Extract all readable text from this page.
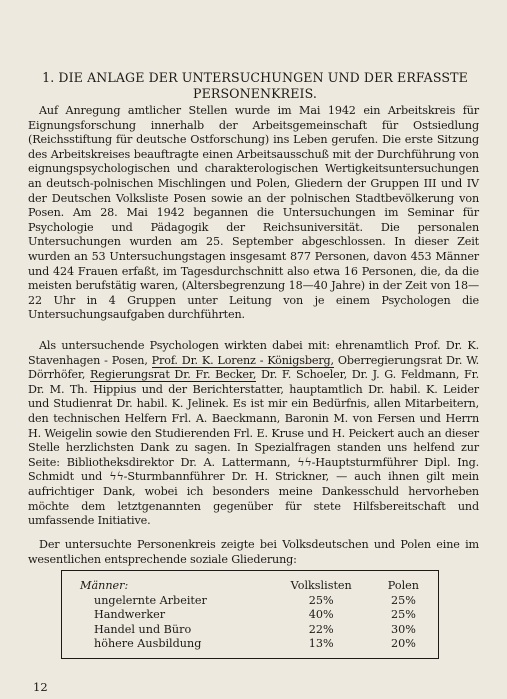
1. DIE ANLAGE DER UNTERSUCHUNGEN UND DER ERFASSTE
PERSONENKREIS.
Auf Anregung amtlicher Stellen wurde im Mai 1942 ein Arbeitskreis für Eignungsforschung innerhalb der Arbeitsgemeinschaft für Ostsiedlung (Reichsstiftung für deutsche Ostforschung) ins Leben gerufen. Die erste Sitzung des Arbeitskreises beauftragte einen Arbeitsausschuß mit der Durchführung von eignungspsychologischen und charakterologischen Wertigkeitsuntersuchungen an deutsch-polnischen Mischlingen und Polen, Gliedern der Gruppen III und IV der Deutschen Volksliste Posen sowie an der polnischen Stadtbevölkerung von Posen. Am 28. Mai 1942 begannen die Untersuchungen im Seminar für Psychologie und Pädagogik der Reichsuniversität. Die personalen Untersuchungen wurden am 25. September abgeschlossen. In dieser Zeit wurden an 53 Untersuchungstagen insgesamt 877 Personen, davon 453 Männer und 424 Frauen erfaßt, im Tagesdurchschnitt also etwa 16 Personen, die, da die meisten berufstätig waren, (Altersbegrenzung 18—40 Jahre) in der Zeit von 18—22 Uhr in 4 Gruppen unter Leitung von je einem Psychologen die Untersuchungsaufgaben durchführten.
Als untersuchende Psychologen wirkten dabei mit: ehrenamtlich Prof. Dr. K. Stavenhagen - Posen, Prof. Dr. K. Lorenz - Königsberg, Oberregierungsrat Dr. W. Dörrhöfer, Regierungsrat Dr. Fr. Becker, Dr. F. Schoeler, Dr. J. G. Feldmann, Fr. Dr. M. Th. Hippius und der Berichterstatter, hauptamtlich Dr. habil. K. Leider und Studienrat Dr. habil. K. Jelinek. Es ist mir ein Bedürfnis, allen Mitarbeitern, den technischen Helfern Frl. A. Baeckmann, Baronin M. von Fersen und Herrn H. Weigelin sowie den Studierenden Frl. E. Kruse und H. Peickert auch an dieser Stelle herzlichsten Dank zu sagen. In Spezialfragen standen uns helfend zur Seite: Bibliotheksdirektor Dr. A. Lattermann, ϟϟ-Hauptsturmführer Dipl. Ing. Schmidt und ϟϟ-Sturmbannführer Dr. H. Strickner, — auch ihnen gilt mein aufrichtiger Dank, wobei ich besonders meine Dankesschuld hervorheben möchte dem letztgenannten gegenüber für stete Hilfsbereitschaft und umfassende Initiative.
Der untersuchte Personenkreis zeigte bei Volksdeutschen und Polen eine im wesentlichen entsprechende soziale Gliederung:
Männer:	Volkslisten	Polen
ungelernte Arbeiter	25%	25%
Handwerker	40%	25%
Handel und Büro	22%	30%
höhere Ausbildung	13%	20%
12
